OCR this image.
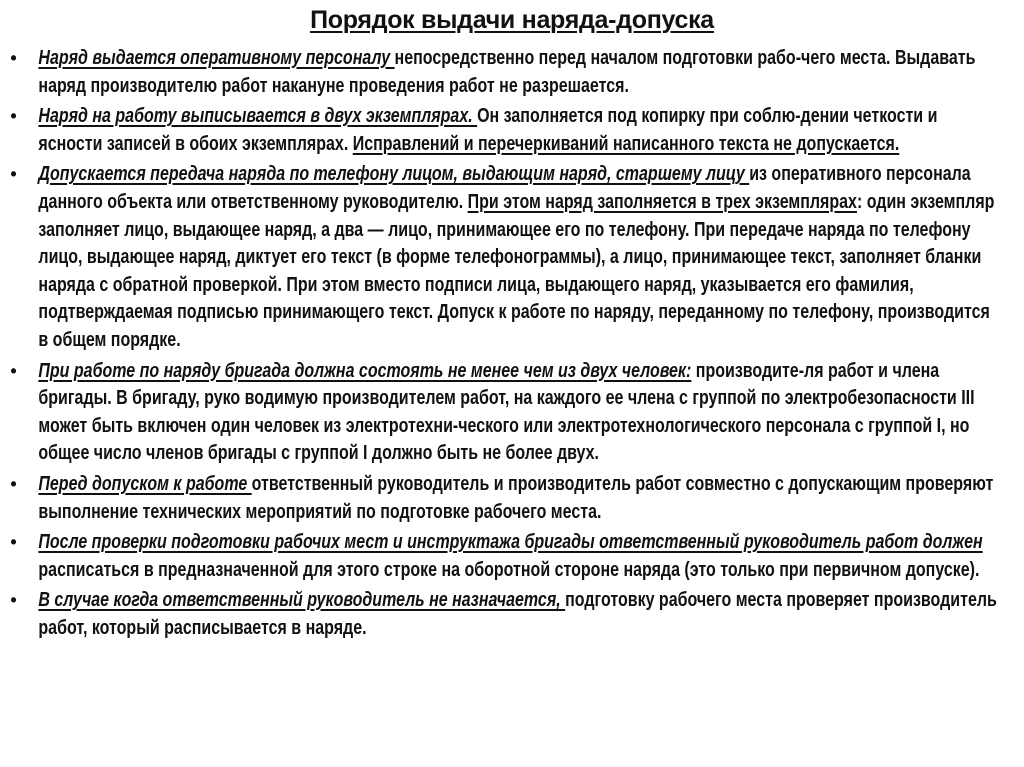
Порядок выдачи наряда-допуска
•	Наряд выдается оперативному персоналу непосредственно перед началом подготовки рабо-чего места. Выдавать наряд производителю работ накануне проведения работ не разрешается.
•	Наряд на работу выписывается в двух экземплярах. Он заполняется под копирку при соблю-дении четкости и ясности записей в обоих экземплярах. Исправлений и перечеркиваний написанного текста не допускается.
•	Допускается передача наряда по телефону лицом, выдающим наряд, старшему лицу из оперативного персонала данного объекта или ответственному руководителю. При этом наряд заполняется в трех экземплярах: один экземпляр заполняет лицо, выдающее наряд, а два — лицо, принимающее его по телефону. При передаче наряда по телефону лицо, выдающее наряд, диктует его текст (в форме телефонограммы), а лицо, принимающее текст, заполняет бланки наряда с обратной проверкой. При этом вместо подписи лица, выдающего наряд, указывается его фамилия, подтверждаемая подписью принимающего текст. Допуск к работе по наряду, переданному по телефону, производится в общем порядке.
•	При работе по наряду бригада должна состоять не менее чем из двух человек: производите-ля работ и члена бригады. В бригаду, руко водимую производителем работ, на каждого ее члена с группой по электробезопасности III может быть включен один человек из электротехни-ческого или электротехнологического персонала с группой I, но общее число членов бригады с группой I должно быть не более двух.
•	Перед допуском к работе ответственный руководитель и производитель работ совместно с допускающим проверяют выполнение технических мероприятий по подготовке рабочего места.
•	После проверки подготовки рабочих мест и инструктажа бригады ответственный руководитель работ должен расписаться в предназначенной для этого строке на оборотной стороне наряда (это только при первичном допуске).
•	В случае когда ответственный руководитель не назначается, подготовку рабочего места проверяет производитель работ, который расписывается в наряде.
